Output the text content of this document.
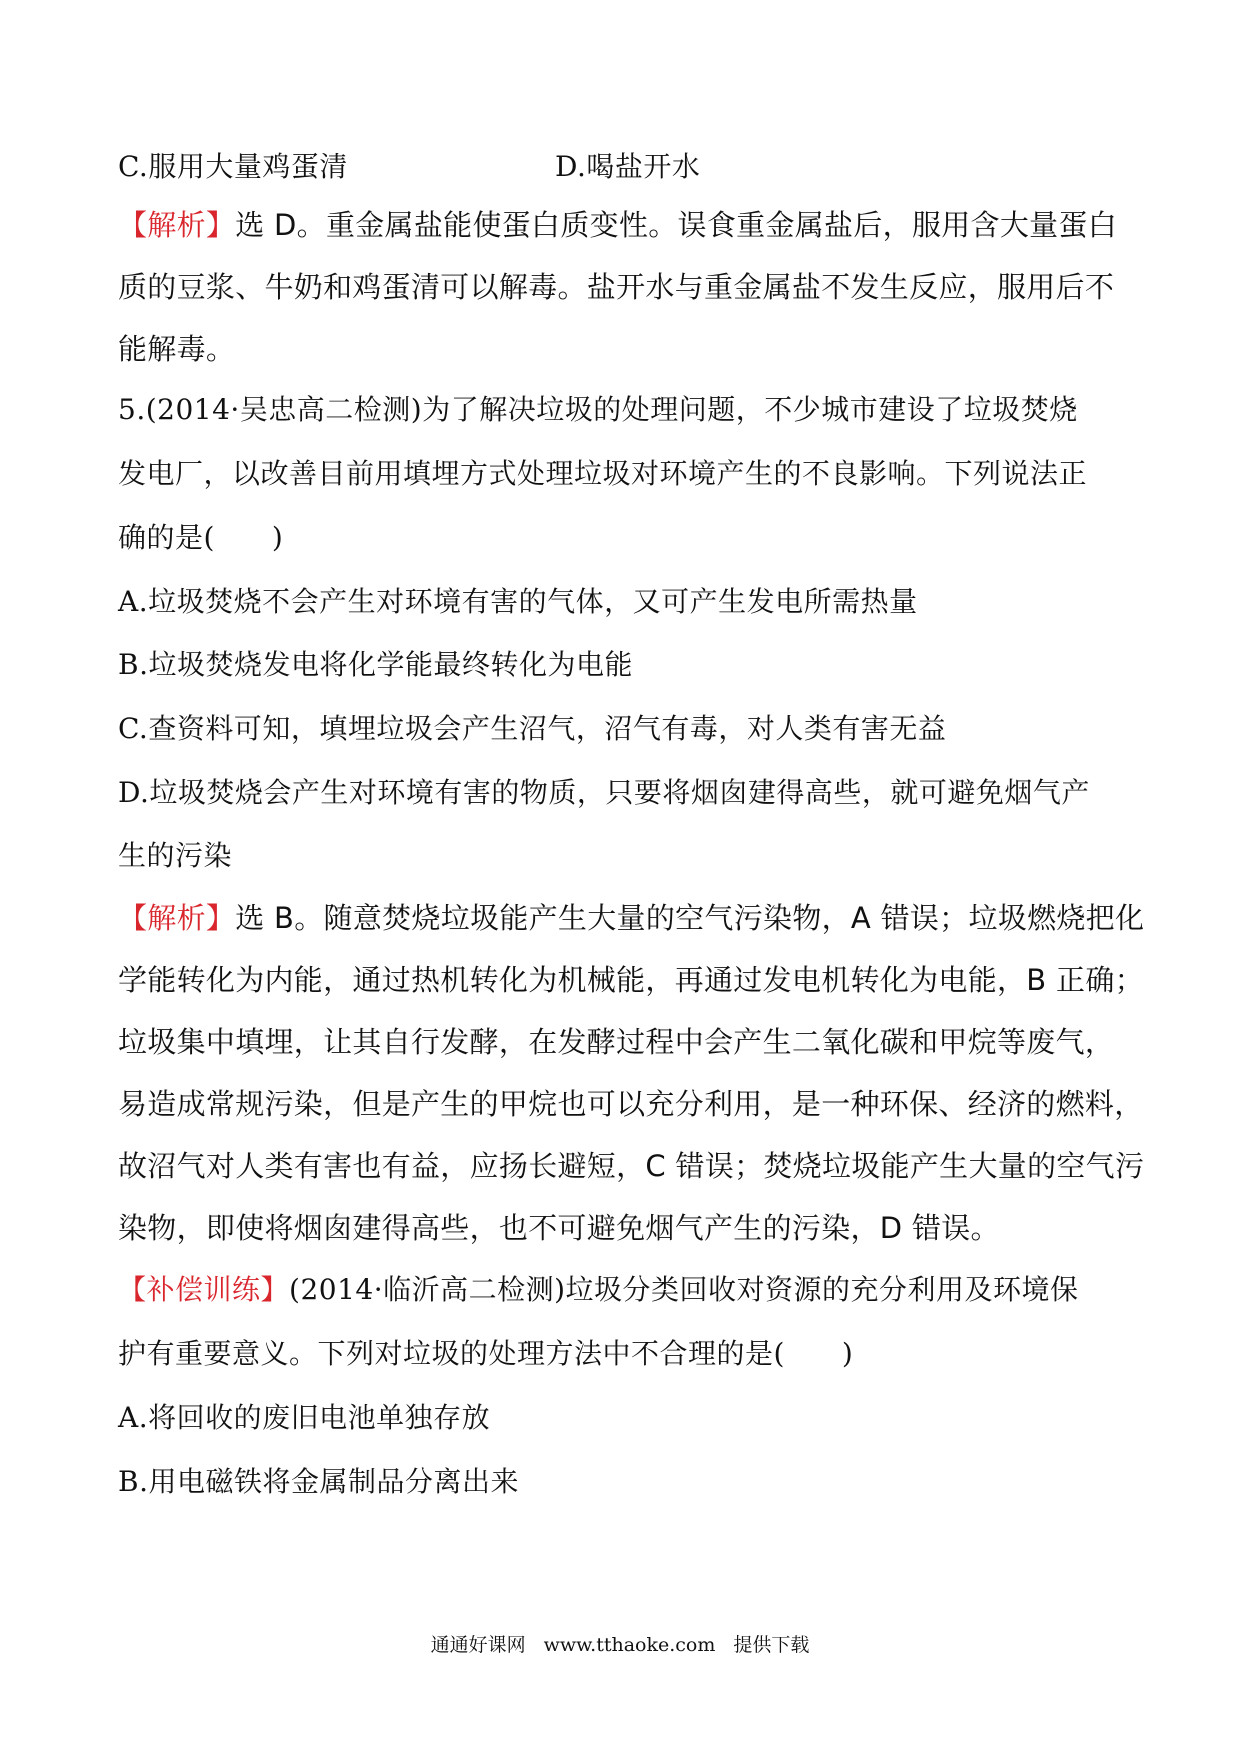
C.服用大量鸡蛋清	D.喝盐开水
【解析】选 D。重金属盐能使蛋白质变性。误食重金属盐后，服用含大量蛋白
质的豆浆、牛奶和鸡蛋清可以解毒。盐开水与重金属盐不发生反应，服用后不
能解毒。
5.(2014·吴忠高二检测)为了解决垃圾的处理问题，不少城市建设了垃圾焚烧
发电厂，以改善目前用填埋方式处理垃圾对环境产生的不良影响。下列说法正
确的是(　　)
A.垃圾焚烧不会产生对环境有害的气体，又可产生发电所需热量
B.垃圾焚烧发电将化学能最终转化为电能
C.查资料可知，填埋垃圾会产生沼气，沼气有毒，对人类有害无益
D.垃圾焚烧会产生对环境有害的物质，只要将烟囱建得高些，就可避免烟气产
生的污染
【解析】选 B。随意焚烧垃圾能产生大量的空气污染物，A 错误；垃圾燃烧把化
学能转化为内能，通过热机转化为机械能，再通过发电机转化为电能，B 正确；
垃圾集中填埋，让其自行发酵，在发酵过程中会产生二氧化碳和甲烷等废气，
易造成常规污染，但是产生的甲烷也可以充分利用，是一种环保、经济的燃料，
故沼气对人类有害也有益，应扬长避短，C 错误；焚烧垃圾能产生大量的空气污
染物，即使将烟囱建得高些，也不可避免烟气产生的污染，D 错误。
【补偿训练】(2014·临沂高二检测)垃圾分类回收对资源的充分利用及环境保
护有重要意义。下列对垃圾的处理方法中不合理的是(　　)
A.将回收的废旧电池单独存放
B.用电磁铁将金属制品分离出来
通通好课网 www.tthaoke.com 提供下载
